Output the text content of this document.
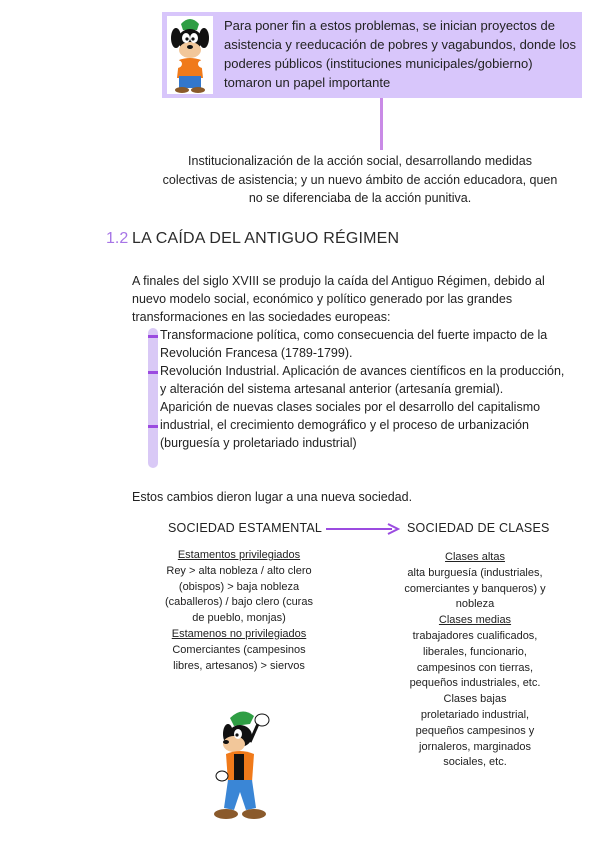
Para poner fin a estos problemas, se inician proyectos de asistencia y reeducación de pobres y vagabundos, donde los poderes públicos (instituciones municipales/gobierno) tomaron un papel importante
Institucionalización de la acción social, desarrollando medidas colectivas de asistencia; y un nuevo ámbito de acción educadora, quen no se diferenciaba de la acción punitiva.
1.2 LA CAÍDA DEL ANTIGUO RÉGIMEN
A finales del siglo XVIII se produjo la caída del Antiguo Régimen, debido al nuevo modelo social, económico y político generado por las grandes transformaciones en las sociedades europeas:
Transformacione política, como consecuencia del fuerte impacto de la Revolución Francesa (1789-1799).
Revolución Industrial. Aplicación de avances científicos en la producción, y alteración del sistema artesanal anterior (artesanía gremial).
Aparición de nuevas clases sociales por el desarrollo del capitalismo industrial, el crecimiento demográfico y el proceso de urbanización (burguesía y proletariado industrial)
Estos cambios dieron lugar a una nueva sociedad.
SOCIEDAD ESTAMENTAL	SOCIEDAD DE CLASES
Estamentos privilegiados
Rey > alta nobleza / alto clero (obispos) > baja nobleza (caballeros) / bajo clero (curas de pueblo, monjas)
Estamenos no privilegiados
Comerciantes (campesinos libres, artesanos) > siervos
Clases altas
alta burguesía (industriales, comerciantes y banqueros) y nobleza
Clases medias
trabajadores cualificados, liberales, funcionario, campesinos con tierras, pequeños industriales, etc.
Clases bajas
proletariado industrial, pequeños campesinos y jornaleros, marginados sociales, etc.
